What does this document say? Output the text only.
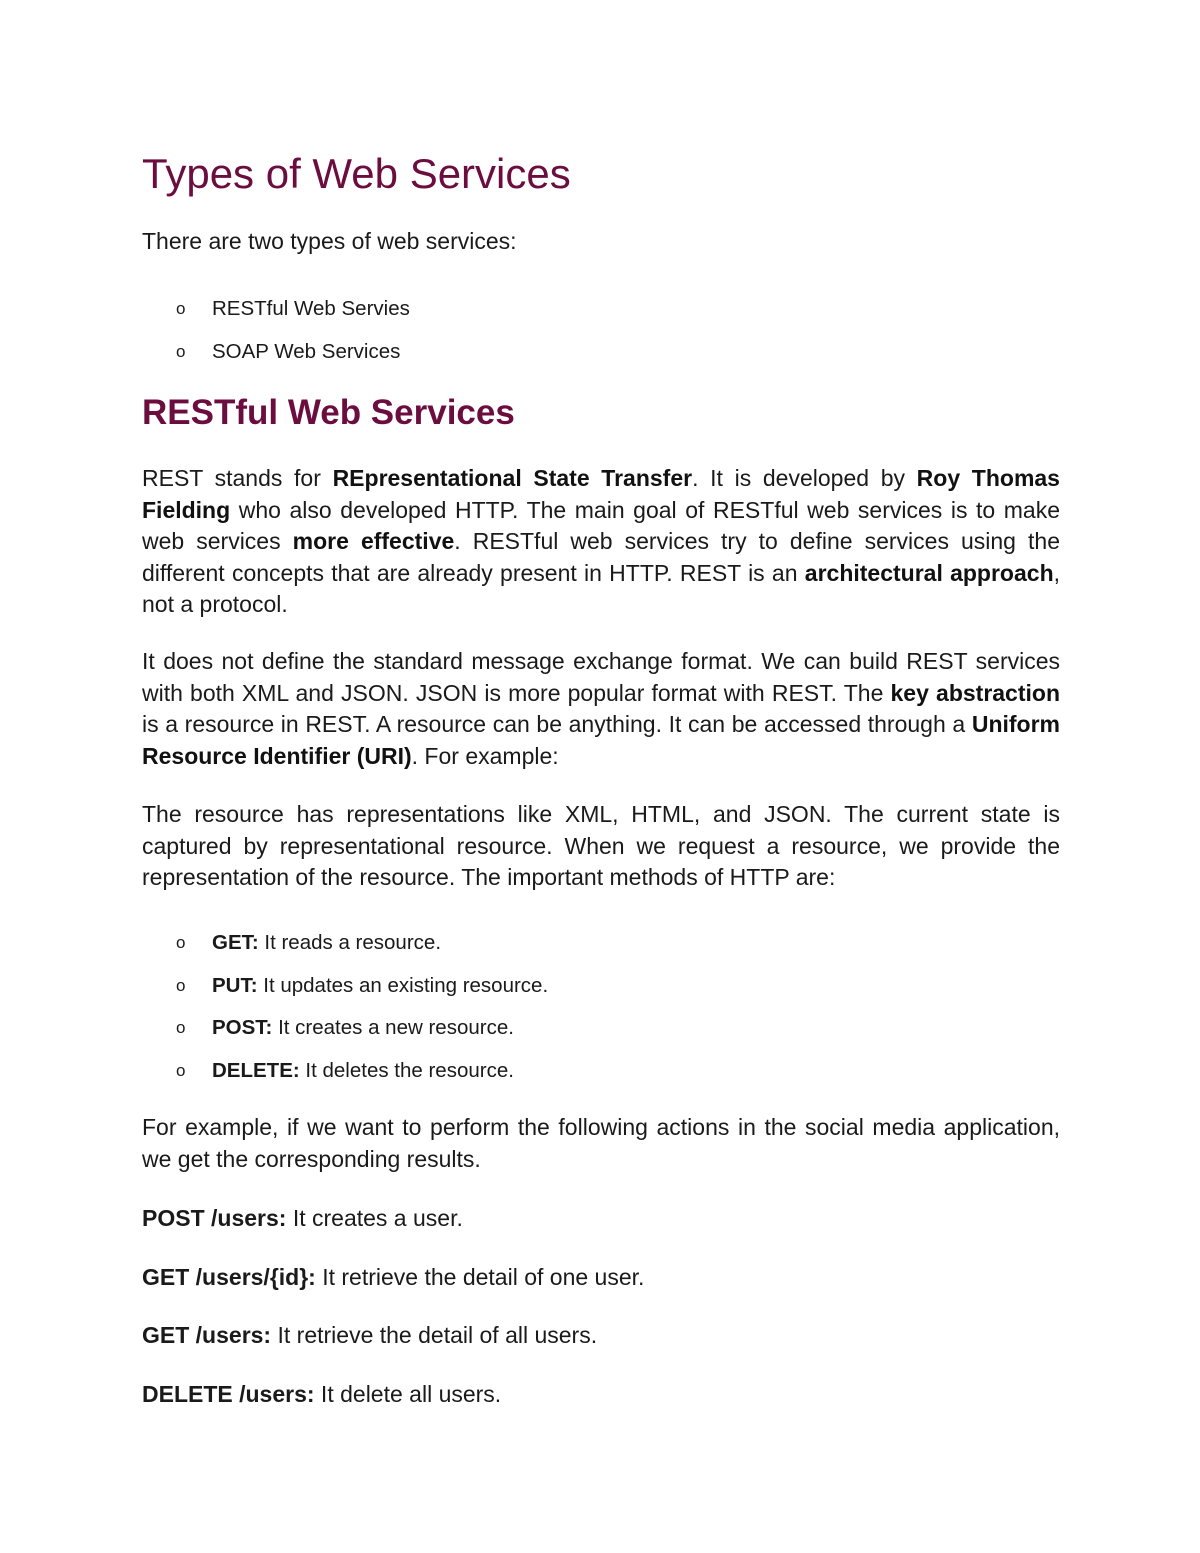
Types of Web Services

There are two types of web services:

o RESTful Web Servies
o SOAP Web Services
RESTful Web Services

REST stands for REpresentational State Transfer. It is developed by Roy Thomas Fielding who also developed HTTP. The main goal of RESTful web services is to make web services more effective. RESTful web services try to define services using the different concepts that are already present in HTTP. REST is an architectural approach, not a protocol.

It does not define the standard message exchange format. We can build REST services with both XML and JSON. JSON is more popular format with REST. The key abstraction is a resource in REST. A resource can be anything. It can be accessed through a Uniform Resource Identifier (URI). For example:

The resource has representations like XML, HTML, and JSON. The current state is captured by representational resource. When we request a resource, we provide the representation of the resource. The important methods of HTTP are:

o GET: It reads a resource.
o PUT: It updates an existing resource.
o POST: It creates a new resource.
o DELETE: It deletes the resource.

For example, if we want to perform the following actions in the social media application, we get the corresponding results.

POST /users: It creates a user.

GET /users/{id}: It retrieve the detail of one user.

GET /users: It retrieve the detail of all users.

DELETE /users: It delete all users.
